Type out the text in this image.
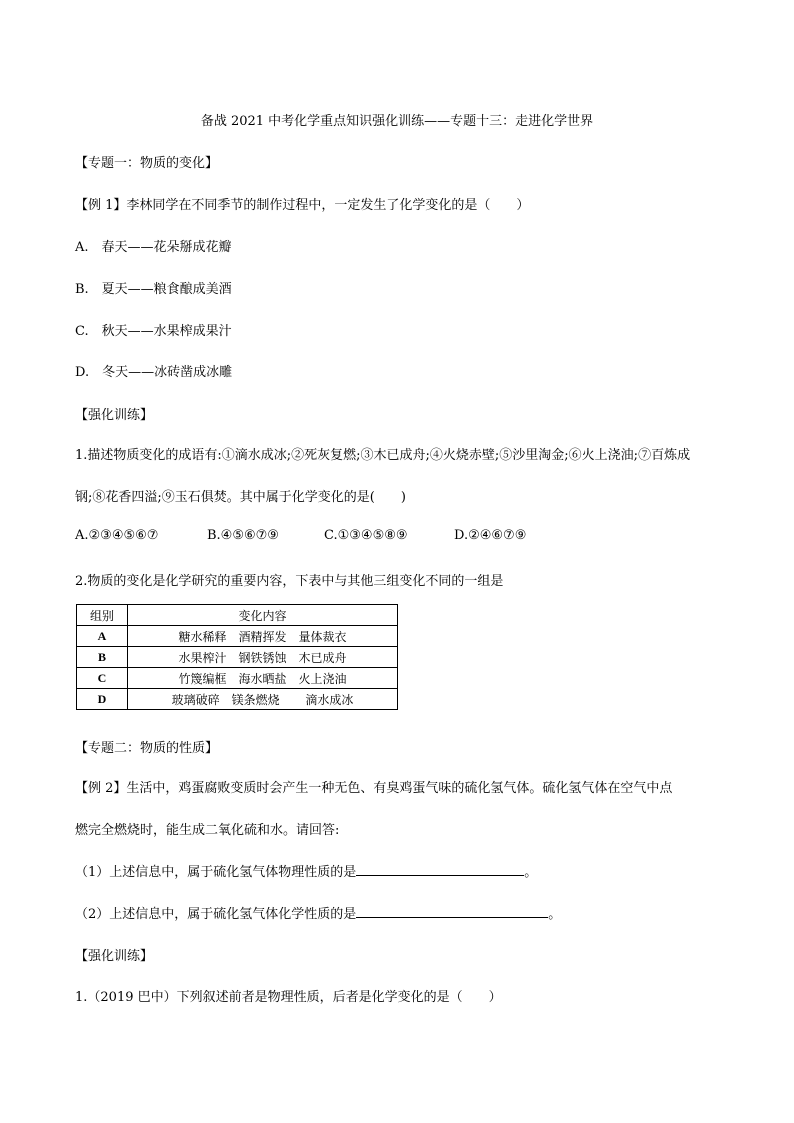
备战 2021 中考化学重点知识强化训练——专题十三：走进化学世界
【专题一：物质的变化】
【例 1】李林同学在不同季节的制作过程中，一定发生了化学变化的是（　　）
A.　春天——花朵掰成花瓣
B.　夏天——粮食酿成美酒
C.　秋天——水果榨成果汁
D.　冬天——冰砖凿成冰雕
【强化训练】
1.描述物质变化的成语有:①滴水成冰;②死灰复燃;③木已成舟;④火烧赤壁;⑤沙里淘金;⑥火上浇油;⑦百炼成
钢;⑧花香四溢;⑨玉石俱焚。其中属于化学变化的是(　　)
A.②③④⑤⑥⑦	B.④⑤⑥⑦⑨	C.①③④⑤⑧⑨	D.②④⑥⑦⑨
2.物质的变化是化学研究的重要内容，下表中与其他三组变化不同的一组是
组别	变化内容
A	糖水稀释　酒精挥发　量体裁衣
B	水果榨汁　钢铁锈蚀　木已成舟
C	竹篾编框　海水晒盐　火上浇油
D	玻璃破碎　镁条燃烧　 滴水成冰
【专题二：物质的性质】
【例 2】生活中，鸡蛋腐败变质时会产生一种无色、有臭鸡蛋气味的硫化氢气体。硫化氢气体在空气中点
燃完全燃烧时，能生成二氧化硫和水。请回答:
（1）上述信息中，属于硫化氢气体物理性质的是	。
（2）上述信息中，属于硫化氢气体化学性质的是	。
【强化训练】
1.（2019 巴中）下列叙述前者是物理性质，后者是化学变化的是（　　）
